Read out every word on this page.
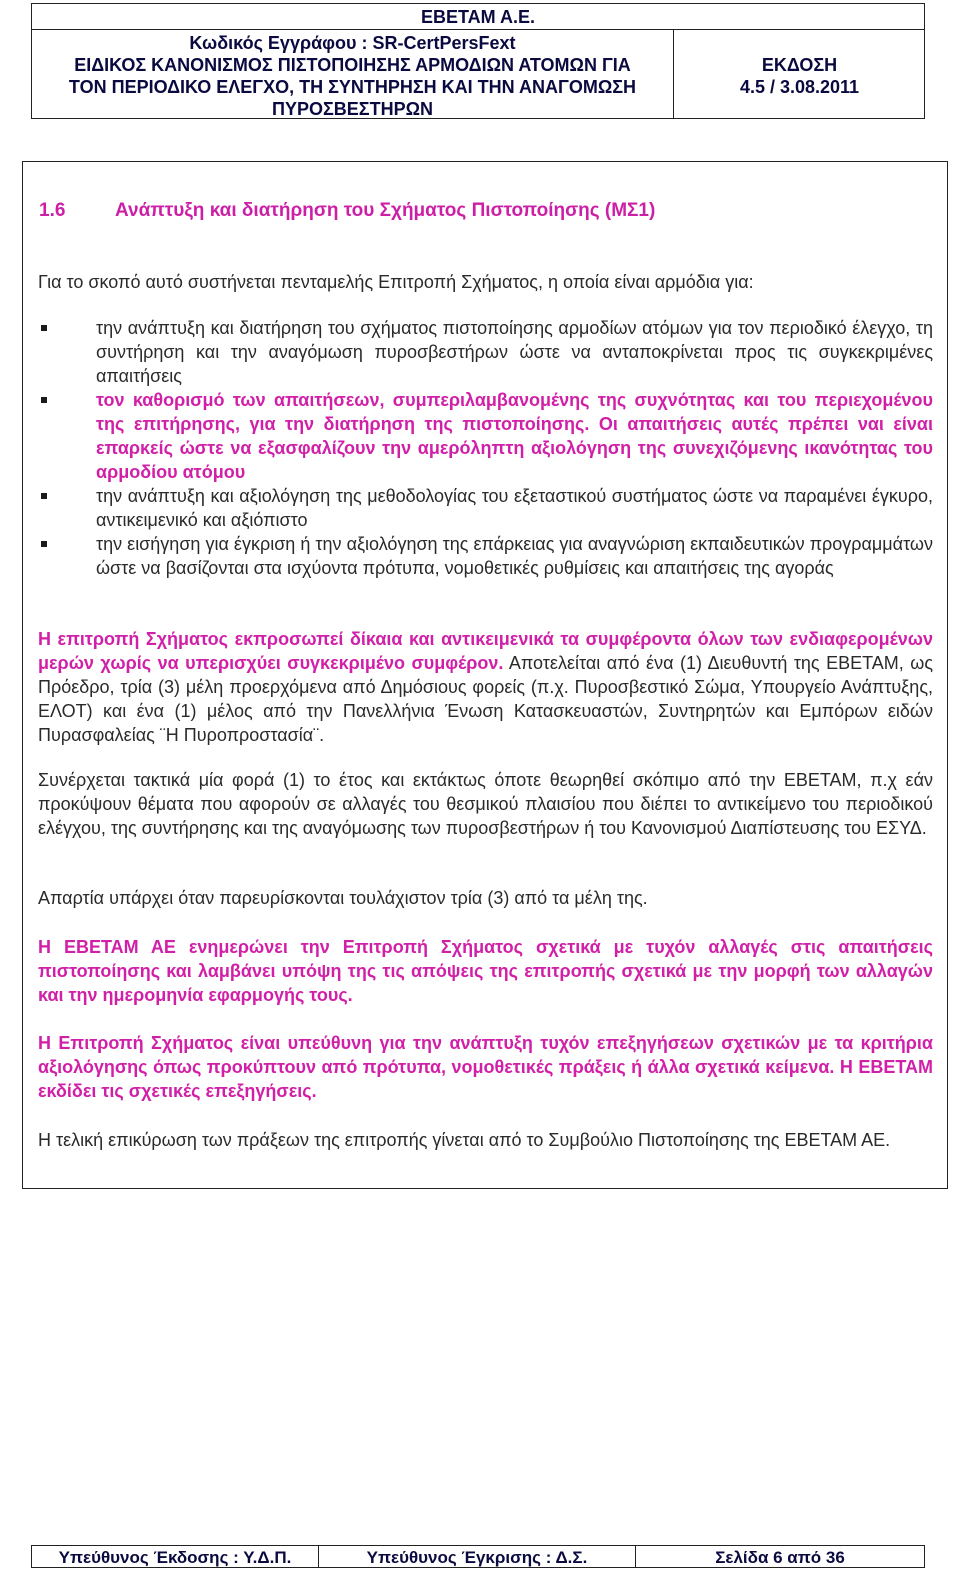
ΕΒΕΤΑΜ Α.Ε.
Κωδικός Εγγράφου : SR-CertPersFext
ΕΙΔΙΚΟΣ ΚΑΝΟΝΙΣΜΟΣ ΠΙΣΤΟΠΟΙΗΣΗΣ ΑΡΜΟΔΙΩΝ ΑΤΟΜΩΝ ΓΙΑ
ΤΟΝ ΠΕΡΙΟΔΙΚΟ ΕΛΕΓΧΟ, ΤΗ ΣΥΝΤΗΡΗΣΗ ΚΑΙ ΤΗΝ ΑΝΑΓΟΜΩΣΗ
ΠΥΡΟΣΒΕΣΤΗΡΩΝ
ΕΚΔΟΣΗ
4.5 / 3.08.2011
1.6	Ανάπτυξη και διατήρηση του Σχήματος Πιστοποίησης (ΜΣ1)
Για το σκοπό αυτό συστήνεται πενταμελής Επιτροπή Σχήματος, η οποία είναι αρμόδια για:
την ανάπτυξη και διατήρηση του σχήματος πιστοποίησης αρμοδίων ατόμων για τον περιοδικό έλεγχο, τη συντήρηση και την αναγόμωση πυροσβεστήρων ώστε να ανταποκρίνεται προς τις συγκεκριμένες απαιτήσεις
τον καθορισμό των απαιτήσεων, συμπεριλαμβανομένης της συχνότητας και του περιεχομένου της επιτήρησης, για την διατήρηση της πιστοποίησης. Οι απαιτήσεις αυτές πρέπει ναι είναι επαρκείς ώστε να εξασφαλίζουν την αμερόληπτη αξιολόγηση της συνεχιζόμενης ικανότητας του αρμοδίου ατόμου
την ανάπτυξη και αξιολόγηση της μεθοδολογίας του εξεταστικού συστήματος ώστε να παραμένει έγκυρο, αντικειμενικό και αξιόπιστο
την εισήγηση για έγκριση ή την αξιολόγηση της επάρκειας για αναγνώριση εκπαιδευτικών προγραμμάτων ώστε να βασίζονται στα ισχύοντα πρότυπα, νομοθετικές ρυθμίσεις και απαιτήσεις της αγοράς
Η επιτροπή Σχήματος εκπροσωπεί δίκαια και αντικειμενικά τα συμφέροντα όλων των ενδιαφερομένων μερών χωρίς να υπερισχύει συγκεκριμένο συμφέρον. Αποτελείται από ένα (1) Διευθυντή της ΕΒΕΤΑΜ, ως Πρόεδρο, τρία (3) μέλη προερχόμενα από Δημόσιους φορείς (π.χ. Πυροσβεστικό Σώμα, Υπουργείο Ανάπτυξης, ΕΛΟΤ) και ένα (1) μέλος από την Πανελλήνια Ένωση Κατασκευαστών, Συντηρητών και Εμπόρων ειδών Πυρασφαλείας ¨Η Πυροπροστασία¨.
Συνέρχεται τακτικά μία φορά (1) το έτος και εκτάκτως όποτε θεωρηθεί σκόπιμο από την ΕΒΕΤΑΜ, π.χ εάν προκύψουν θέματα που αφορούν σε αλλαγές του θεσμικού πλαισίου που διέπει το αντικείμενο του περιοδικού ελέγχου, της συντήρησης και της αναγόμωσης των πυροσβεστήρων ή του Κανονισμού Διαπίστευσης του ΕΣΥΔ.
Απαρτία υπάρχει όταν παρευρίσκονται τουλάχιστον τρία (3) από τα μέλη της.
Η ΕΒΕΤΑΜ ΑΕ ενημερώνει την Επιτροπή Σχήματος σχετικά με τυχόν αλλαγές στις απαιτήσεις πιστοποίησης και λαμβάνει υπόψη της τις απόψεις της επιτροπής σχετικά με την μορφή των αλλαγών και την ημερομηνία εφαρμογής τους.
Η Επιτροπή Σχήματος είναι υπεύθυνη για την ανάπτυξη τυχόν επεξηγήσεων σχετικών με τα κριτήρια αξιολόγησης όπως προκύπτουν από πρότυπα, νομοθετικές πράξεις ή άλλα σχετικά κείμενα. Η ΕΒΕΤΑΜ εκδίδει τις σχετικές επεξηγήσεις.
Η τελική επικύρωση των πράξεων της επιτροπής γίνεται από το Συμβούλιο Πιστοποίησης της ΕΒΕΤΑΜ ΑΕ.
Υπεύθυνος Έκδοσης : Υ.Δ.Π.	Υπεύθυνος Έγκρισης : Δ.Σ.	Σελίδα 6 από 36
